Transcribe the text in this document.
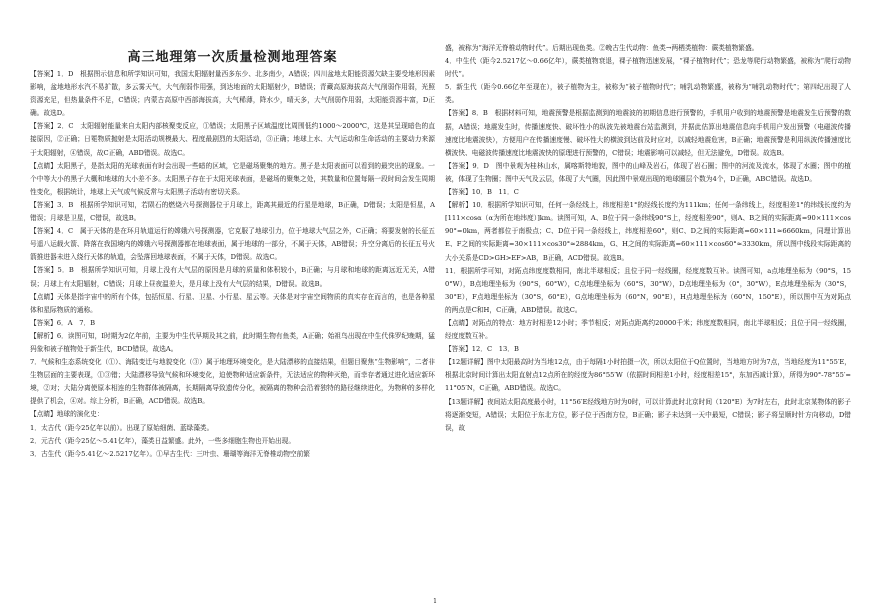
高三地理第一次质量检测地理答案

【答案】1．D　根据图示信息和所学知识可知，我国太阳辐射量西多东少、北多南少，A错误；四川盆地太阳能资源欠缺主要受地形因素影响，盆地地形水汽不易扩散，多云雾天气，大气削弱作用强，到达地面的太阳辐射少，B错误；青藏高原海拔高大气削弱作用弱，光照资源充足，但热量条件不足，C错误；内蒙古高原中西部海拔高，大气稀薄，降水少，晴天多，大气削弱作用弱，太阳能资源丰富，D正确。故选D。

【答案】2．C　太阳辐射能量来自太阳内部核聚变反应，①错误；太阳黑子区域温度比周围低约1000～2000℃，这是其呈现暗色的直接原因，②正确；日冕物质抛射是太阳活动规模最大、程度最剧烈的太阳活动，③正确；地球上水、大气运动和生命活动的主要动力来源于太阳辐射，④错误，故C正确，ABD错误。故选C。

【点睛】太阳黑子，是指太阳的光球表面有时会出现一些暗的区域，它是磁场聚集的地方。黑子是太阳表面可以看到的最突出的现象。一个中等大小的黑子大概和地球的大小差不多。太阳黑子存在于太阳光球表面，是磁场的聚集之处，其数量和位置每隔一段时间会发生周期性变化，根据统计，地球上天气或气候反常与太阳黑子活动有密切关系。

【答案】3．B　根据所学知识可知，若陨石的燃烧六号探测器位于月球上，距离其最近的行星是地球，B正确，D错误；太阳是恒星，A错误；月球是卫星，C错误，故选B。

【答案】4．C　属于天体的是在环月轨道运行的嫦娥六号探测器，它克服了地球引力，位于地球大气层之外，C正确；将要发射的长征五号遥八运载火箭、降落在我国境内的嫦娥六号探测器都在地球表面，属于地球的一部分，不属于天体，AB错误；升空分离后的长征五号火箭推进器未进入绕行天体的轨道，会坠落回地球表面，不属于天体，D错误。故选C。

【答案】5．B　根据所学知识可知，月球上没有大气层的原因是月球的质量和体积较小，B正确；与月球和地球的距离远近无关，A错误；月球上有太阳辐射，C错误；月球上昼夜温差大，是月球上没有大气层的结果，D错误。故选B。

【点睛】天体是指宇宙中的所有个体，包括恒星、行星、卫星、小行星、星云等。天体是对宇宙空间物质的真实存在而言的，也是各种星体和星际物质的通称。

【答案】6．A　7．B

【解析】6．读图可知，Ⅰ时期为2亿年前，主要为中生代早期及其之前，此时期生物有鱼类，A正确；始祖鸟出现在中生代侏罗纪晚期，猛犸象和被子植物处于新生代，BCD错误，故选A。

7．气候和生态系统变化（①）、海陆变迁与地貌变化（③）属于地理环境变化，是大陆漂移的直接结果，但题目聚焦“生物影响”，二者非生物层面的主要表现，①③错；大陆漂移导致气候和环境变化，迫使物种适应新条件，无法适应的物种灭绝，而幸存者通过进化适应新环境，②对；大陆分离使原本相连的生物群体被隔离，长期隔离导致遗传分化，被隔离的物种会沿着独特的路径继续进化，为物种的多样化提供了机会，④对。综上分析，B正确，ACD错误。故选B。

【点睛】地球的演化史：

1．太古代（距今25亿年以前）。出现了原始细菌、蓝绿藻类。

2．元古代（距今25亿～5.41亿年），藻类日益繁盛。此外，一些多细胞生物也开始出现。

3．古生代（距今5.41亿～2.5217亿年）。①早古生代：三叶虫、珊瑚等海洋无脊椎动物空前繁

盛，被称为“海洋无脊椎动物时代”。后期出现鱼类。②晚古生代动物：鱼类→两栖类植物：蕨类植物繁盛。

4．中生代（距今2.5217亿～0.66亿年），蕨类植物衰退，裸子植物迅速发展，“裸子植物时代”；恐龙等爬行动物繁盛，被称为“爬行动物时代”。

5．新生代（距今0.66亿年至现在），被子植物为主，被称为“被子植物时代”；哺乳动物繁盛，被称为“哺乳动物时代”；第四纪出现了人类。

【答案】8．B　根据材料可知，地震预警是根据监测到的地震波的初期信息进行预警的，手机用户收到的地震预警是地震发生后预警的数据，A错误；地震发生时，传播速度快、破坏性小的纵波先被地震台站监测到，并据此估算出地震信息向手机用户发出预警（电磁波传播速度比地震波快），方便用户在传播速度慢、破坏性大的横波到达前及时应对，以减轻地震危害，B正确；地震预警是利用纵波传播速度比横波快、电磁波传播速度比地震波快的原理进行预警的，C错误；地震影响可以减轻，但无法避免，D错误。故选B。

【答案】9．D　图中景观为桂林山水，属喀斯特地貌，图中的山峰及岩石，体现了岩石圈；图中的河流及流水，体现了水圈；图中的植被，体现了生物圈；图中天气及云层，体现了大气圈，因此图中景观出现的地球圈层个数为4个，D正确，ABC错误。故选D。

【答案】10．B　11．C

【解析】10．根据所学知识可知，任何一条经线上，纬度相差1°的经线长度约为111km；任何一条纬线上，经度相差1°的纬线长度约为[111×cosα（α为所在地纬度）]km。读图可知，A、B位于同一条纬线90°S上，经度相差90°，则A、B之间的实际距离=90×111×cos90°=0km，两者都位于南极点；C、D位于同一条经线上，纬度相差60°，则C、D之间的实际距离=60×111≈6660km，同理计算出E、F之间的实际距离=30×111×cos30°≈2884km，G、H之间的实际距离=60×111×cos60°≈3330km，所以图中线段实际距离的大小关系是CD>GH>EF>AB，B正确，ACD错误。故选B。

11．根据所学可知，对跖点纬度度数相同，南北半球相反；且位于同一经线圈，经度度数互补。读图可知，a点地理坐标为（90°S，150°W），B点地理坐标为（90°S，60°W），C点地理坐标为（60°S，30°W），D点地理坐标为（0°，30°W），E点地理坐标为（30°S，30°E），F点地理坐标为（30°S，60°E），G点地理坐标为（60°N，90°E），H点地理坐标为（60°N，150°E），所以图中互为对跖点的两点是C和H，C正确，ABD错误。故选C。

【点睛】对跖点的特点：地方时相差12小时；季节相反；对跖点距离约20000千米；纬度度数相同，南北半球相反；且位于同一经线圈，经度度数互补。

【答案】12．C　13．B

【12题详解】图中太阳最高时为当地12点，由于每隔1小时拍摄一次，所以太阳位于Q位置时，当地地方时为7点，当地经度为11°55′E，根据北京时间计算出太阳直射点12点所在的经度为86°55′W（依据时间相差1小时，经度相差15°，东加西减计算），所得为90°-78°55′=11°05′N，C正确，ABD错误。故选C。

【13题详解】夜间站太阳高度最小时，11°56′E经线地方时为0时，可以计算此时北京时间（120°E）为7时左右，此时北京某物体的影子将逐渐变短，A错误；太阳位于东北方位，影子位于西南方位，B正确；影子未达到一天中最短，C错误；影子将呈顺时针方向移动，D错误，故

1
